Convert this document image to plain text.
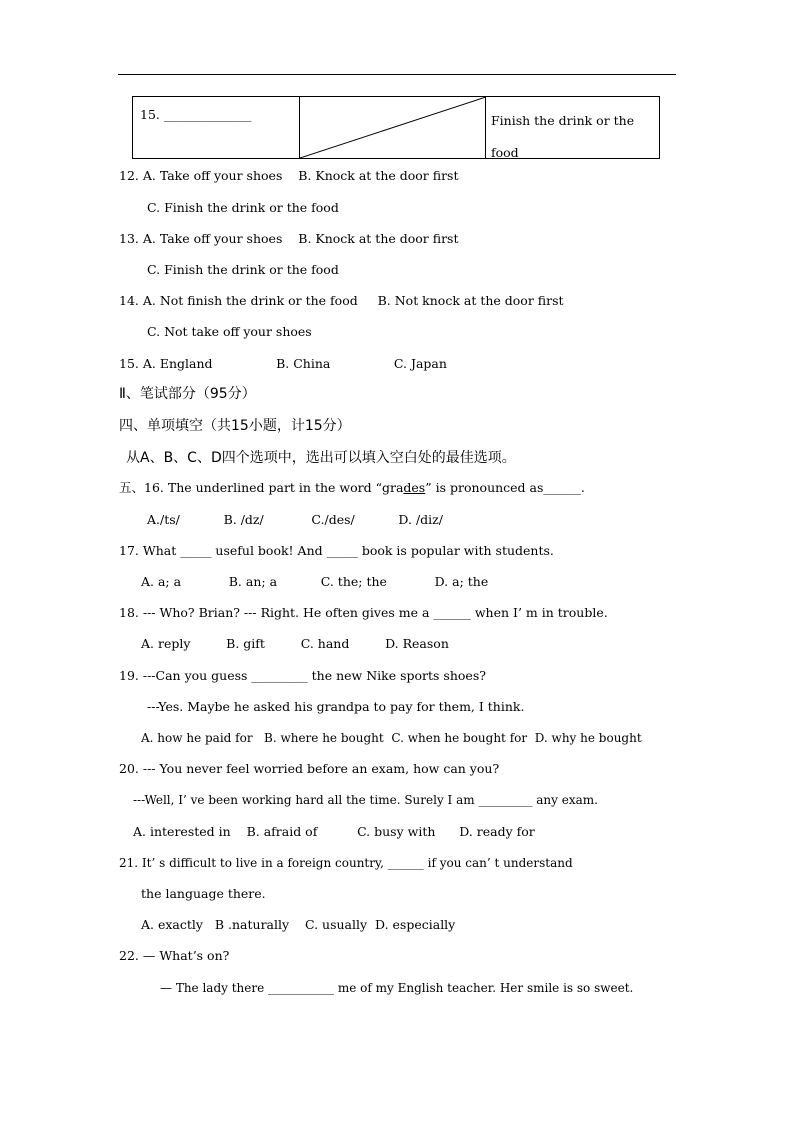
15. ______________	Finish the drink or the food
12. A. Take off your shoes    B. Knock at the door first
C. Finish the drink or the food
13. A. Take off your shoes    B. Knock at the door first
C. Finish the drink or the food
14. A. Not finish the drink or the food     B. Not knock at the door first
C. Not take off your shoes
15. A. England                B. China                C. Japan
Ⅱ、笔试部分（95分）
四、单项填空（共15小题，计15分）
从A、B、C、D四个选项中，选出可以填入空白处的最佳选项。
五、16. The underlined part in the word “grades” is pronounced as______.
A./ts/           B. /dz/            C./des/           D. /diz/
17. What _____ useful book! And _____ book is popular with students.
A. a; a            B. an; a           C. the; the            D. a; the
18. --- Who? Brian? --- Right. He often gives me a ______ when I’ m in trouble.
A. reply         B. gift         C. hand         D. Reason
19. ---Can you guess _________ the new Nike sports shoes?
---Yes. Maybe he asked his grandpa to pay for them, I think.
A. how he paid for   B. where he bought  C. when he bought for  D. why he bought
20. --- You never feel worried before an exam, how can you?
---Well, I’ ve been working hard all the time. Surely I am _________ any exam.
A. interested in    B. afraid of          C. busy with      D. ready for
21. It’ s difficult to live in a foreign country, ______ if you can’ t understand
the language there.
A. exactly   B .naturally    C. usually  D. especially
22. — What’s on?
— The lady there ___________ me of my English teacher. Her smile is so sweet.
